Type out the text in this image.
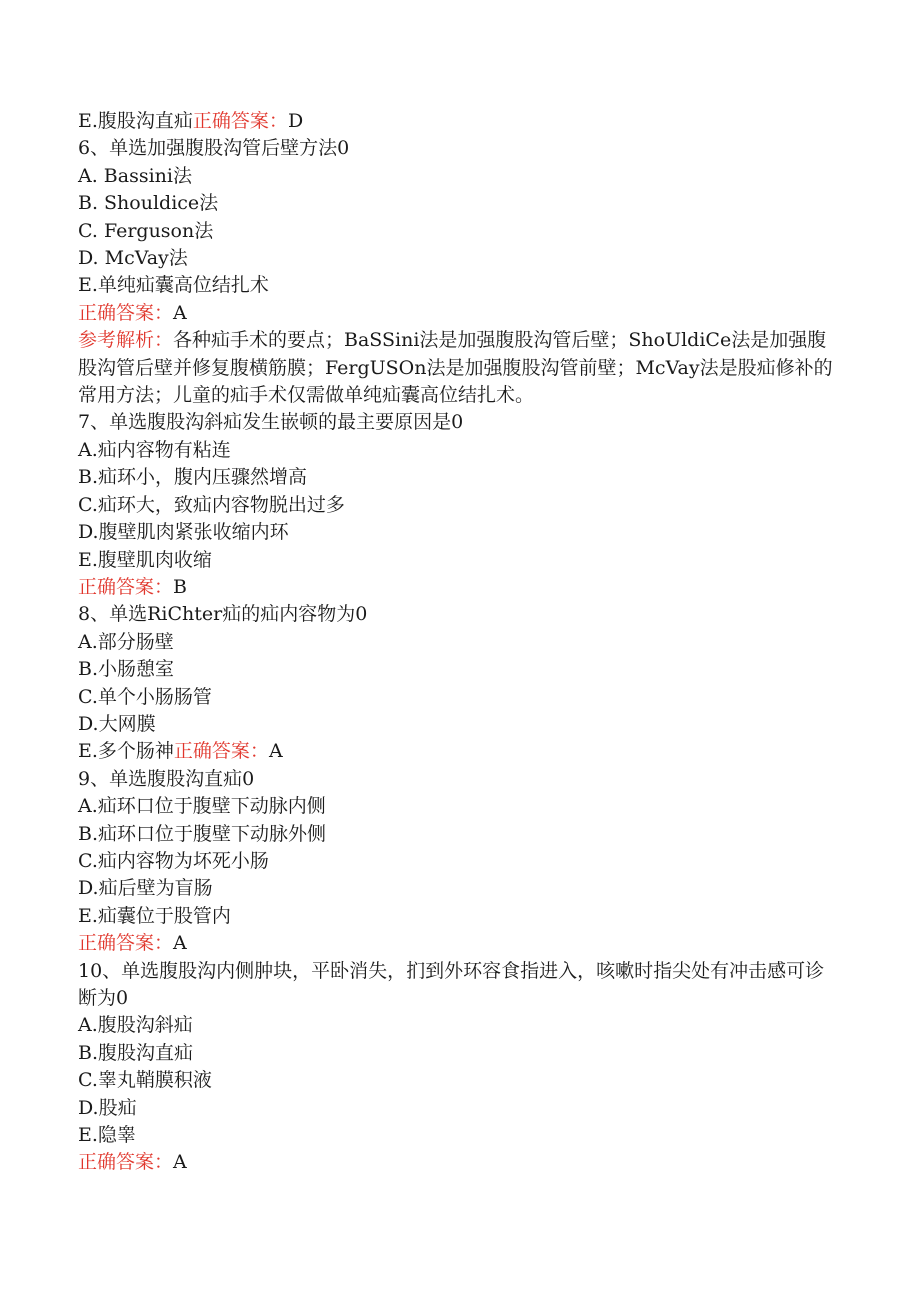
E.腹股沟直疝正确答案：D
6、单选加强腹股沟管后壁方法0
A. Bassini法
B. Shouldice法
C. Ferguson法
D. McVay法
E.单纯疝囊高位结扎术
正确答案：A
参考解析：各种疝手术的要点；BaSSini法是加强腹股沟管后壁；ShoUldiCe法是加强腹股沟管后壁并修复腹横筋膜；FergUSOn法是加强腹股沟管前壁；McVay法是股疝修补的常用方法；儿童的疝手术仅需做单纯疝囊高位结扎术。
7、单选腹股沟斜疝发生嵌顿的最主要原因是0
A.疝内容物有粘连
B.疝环小，腹内压骤然增高
C.疝环大，致疝内容物脱出过多
D.腹壁肌肉紧张收缩内环
E.腹壁肌肉收缩
正确答案：B
8、单选RiChter疝的疝内容物为0
A.部分肠壁
B.小肠憩室
C.单个小肠肠管
D.大网膜
E.多个肠神正确答案：A
9、单选腹股沟直疝0
A.疝环口位于腹壁下动脉内侧
B.疝环口位于腹壁下动脉外侧
C.疝内容物为坏死小肠
D.疝后壁为盲肠
E.疝囊位于股管内
正确答案：A
10、单选腹股沟内侧肿块，平卧消失，扪到外环容食指进入，咳嗽时指尖处有冲击感可诊断为0
A.腹股沟斜疝
B.腹股沟直疝
C.睾丸鞘膜积液
D.股疝
E.隐睾
正确答案：A
